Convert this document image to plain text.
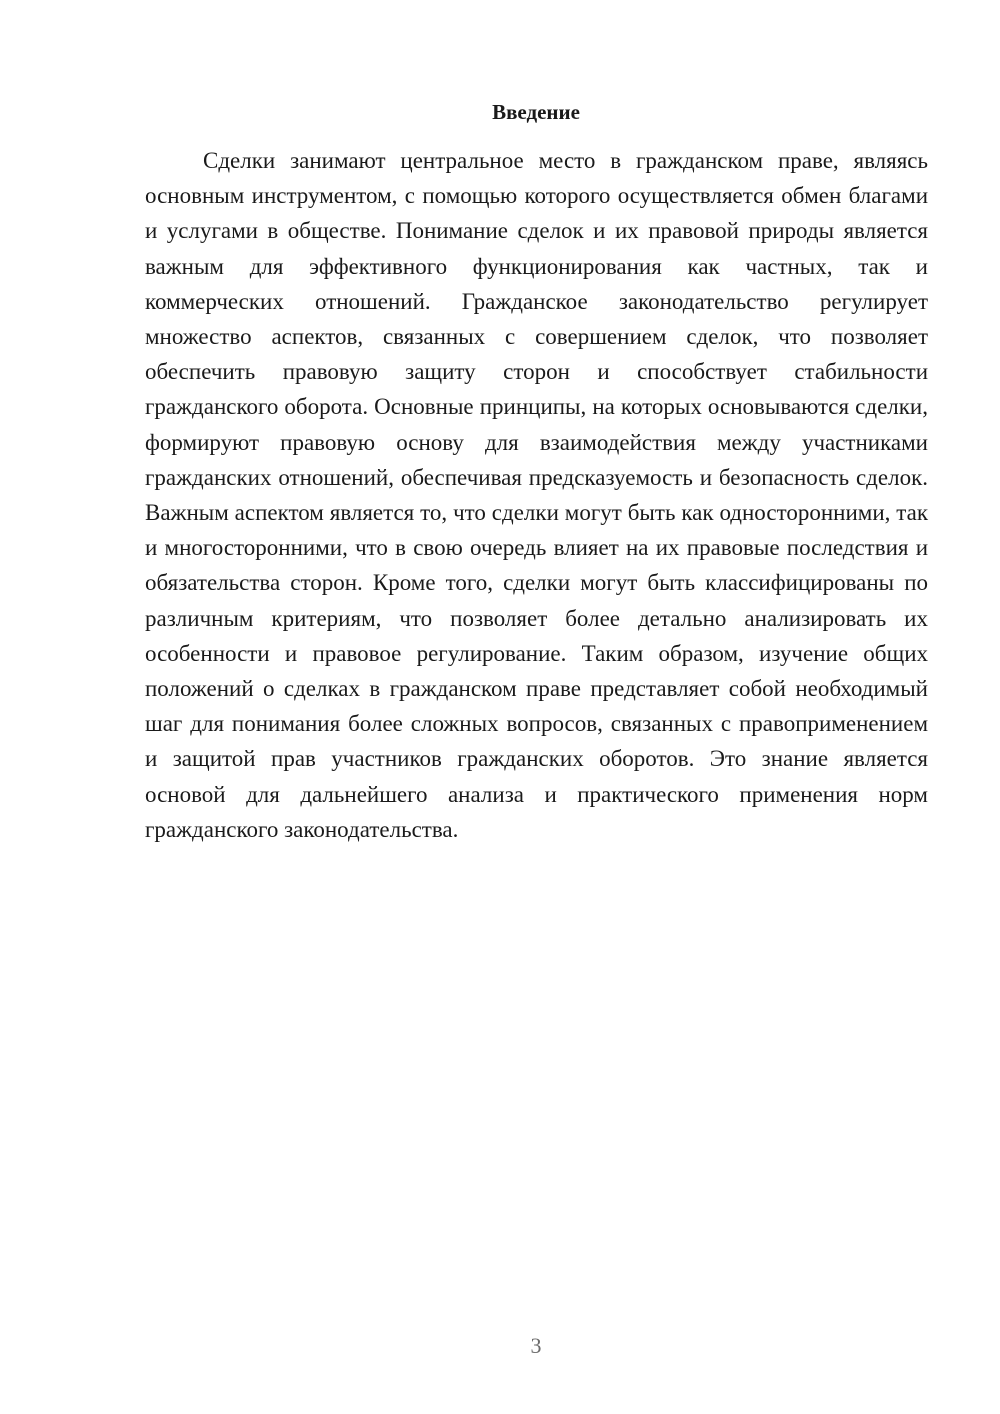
Введение

Сделки занимают центральное место в гражданском праве, являясь основным инструментом, с помощью которого осуществляется обмен благами и услугами в обществе. Понимание сделок и их правовой природы является важным для эффективного функционирования как частных, так и коммерческих отношений. Гражданское законодательство регулирует множество аспектов, связанных с совершением сделок, что позволяет обеспечить правовую защиту сторон и способствует стабильности гражданского оборота. Основные принципы, на которых основываются сделки, формируют правовую основу для взаимодействия между участниками гражданских отношений, обеспечивая предсказуемость и безопасность сделок. Важным аспектом является то, что сделки могут быть как односторонними, так и многосторонними, что в свою очередь влияет на их правовые последствия и обязательства сторон. Кроме того, сделки могут быть классифицированы по различным критериям, что позволяет более детально анализировать их особенности и правовое регулирование. Таким образом, изучение общих положений о сделках в гражданском праве представляет собой необходимый шаг для понимания более сложных вопросов, связанных с правоприменением и защитой прав участников гражданских оборотов. Это знание является основой для дальнейшего анализа и практического применения норм гражданского законодательства.

3
